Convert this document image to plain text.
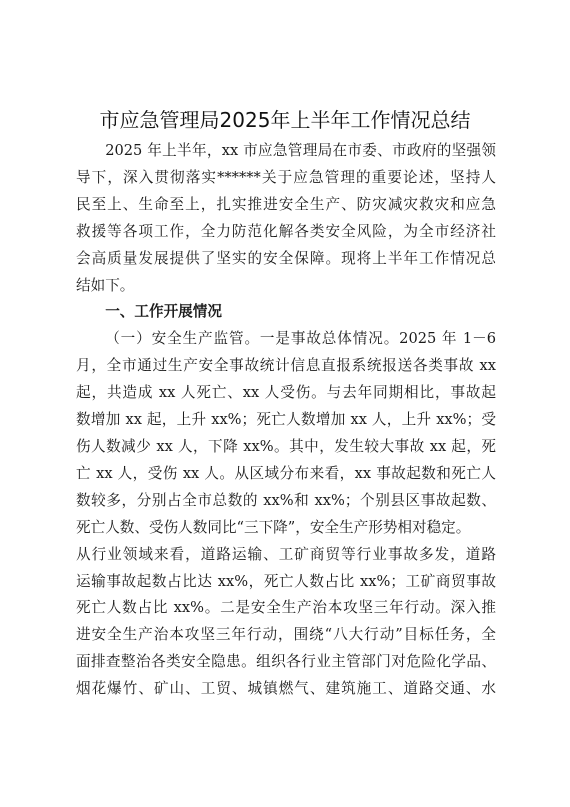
市应急管理局2025年上半年工作情况总结
2025 年上半年，xx 市应急管理局在市委、市政府的坚强领
导下，深入贯彻落实******关于应急管理的重要论述，坚持人
民至上、生命至上，扎实推进安全生产、防灾减灾救灾和应急
救援等各项工作，全力防范化解各类安全风险，为全市经济社
会高质量发展提供了坚实的安全保障。现将上半年工作情况总
结如下。

一、工作开展情况

（一）安全生产监管。一是事故总体情况。2025 年 1－6
月，全市通过生产安全事故统计信息直报系统报送各类事故 xx
起，共造成 xx 人死亡、xx 人受伤。与去年同期相比，事故起
数增加 xx 起，上升 xx%；死亡人数增加 xx 人，上升 xx%；受
伤人数减少 xx 人，下降 xx%。其中，发生较大事故 xx 起，死
亡 xx 人，受伤 xx 人。从区域分布来看，xx 事故起数和死亡人
数较多，分别占全市总数的 xx%和 xx%；个别县区事故起数、
死亡人数、受伤人数同比“三下降”，安全生产形势相对稳定。
从行业领域来看，道路运输、工矿商贸等行业事故多发，道路
运输事故起数占比达 xx%，死亡人数占比 xx%；工矿商贸事故
死亡人数占比 xx%。二是安全生产治本攻坚三年行动。深入推
进安全生产治本攻坚三年行动，围绕“八大行动”目标任务，全
面排查整治各类安全隐患。组织各行业主管部门对危险化学品、
烟花爆竹、矿山、工贸、城镇燃气、建筑施工、道路交通、水
